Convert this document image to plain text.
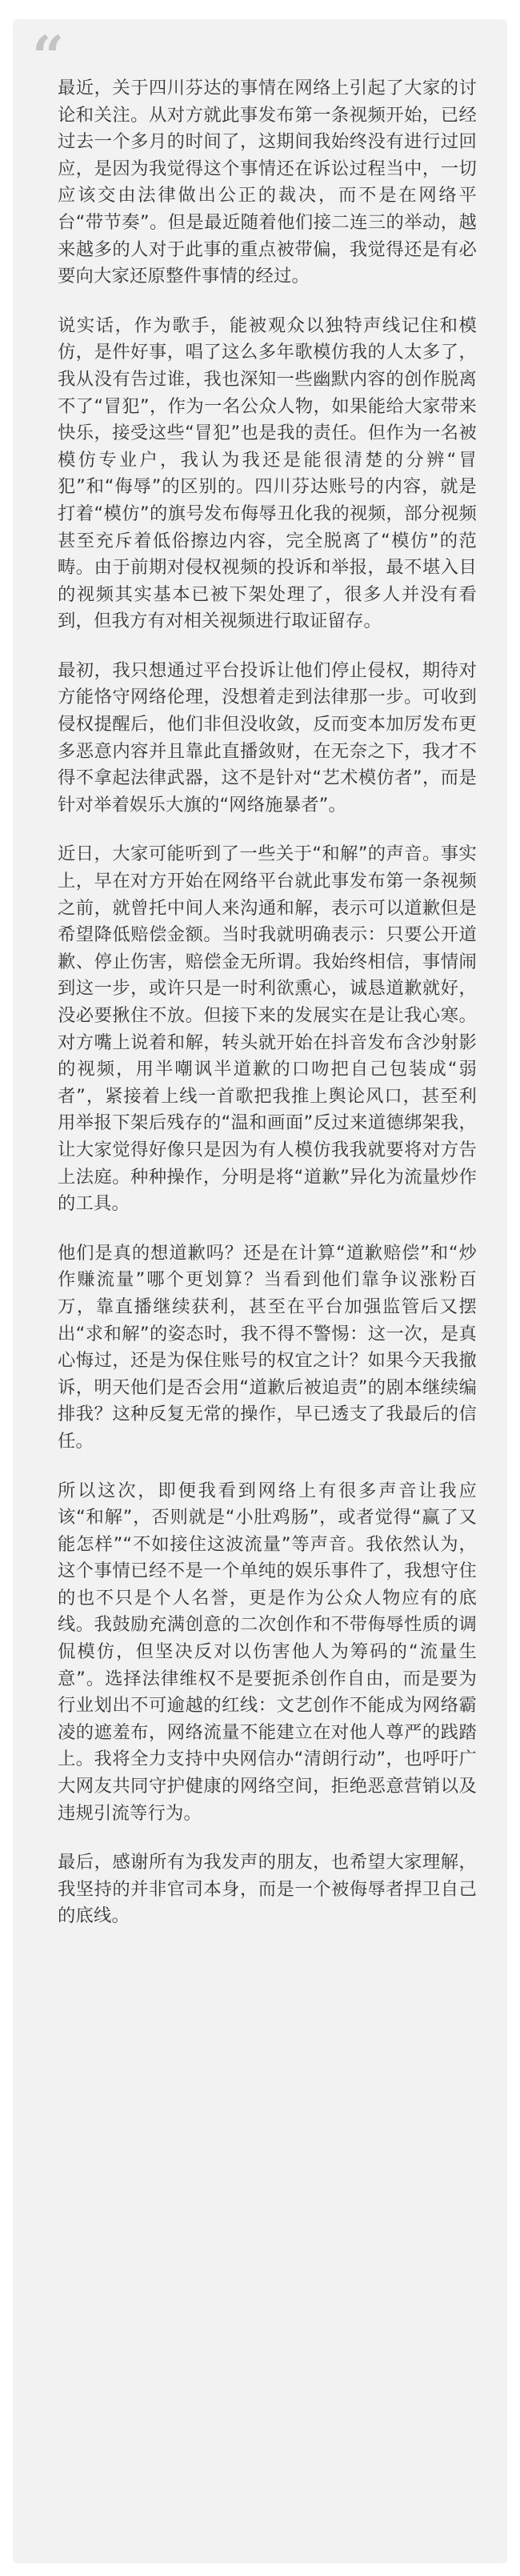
“

最近，关于四川芬达的事情在网络上引起了大家的讨论和关注。从对方就此事发布第一条视频开始，已经过去一个多月的时间了，这期间我始终没有进行过回应，是因为我觉得这个事情还在诉讼过程当中，一切应该交由法律做出公正的裁决，而不是在网络平台“带节奏”。但是最近随着他们接二连三的举动，越来越多的人对于此事的重点被带偏，我觉得还是有必要向大家还原整件事情的经过。

说实话，作为歌手，能被观众以独特声线记住和模仿，是件好事，唱了这么多年歌模仿我的人太多了，我从没有告过谁，我也深知一些幽默内容的创作脱离不了“冒犯”，作为一名公众人物，如果能给大家带来快乐，接受这些“冒犯”也是我的责任。但作为一名被模仿专业户，我认为我还是能很清楚的分辨“冒犯”和“侮辱”的区别的。四川芬达账号的内容，就是打着“模仿”的旗号发布侮辱丑化我的视频，部分视频甚至充斥着低俗擦边内容，完全脱离了“模仿”的范畴。由于前期对侵权视频的投诉和举报，最不堪入目的视频其实基本已被下架处理了，很多人并没有看到，但我方有对相关视频进行取证留存。

最初，我只想通过平台投诉让他们停止侵权，期待对方能恪守网络伦理，没想着走到法律那一步。可收到侵权提醒后，他们非但没收敛，反而变本加厉发布更多恶意内容并且靠此直播敛财，在无奈之下，我才不得不拿起法律武器，这不是针对“艺术模仿者”，而是针对举着娱乐大旗的“网络施暴者”。

近日，大家可能听到了一些关于“和解”的声音。事实上，早在对方开始在网络平台就此事发布第一条视频之前，就曾托中间人来沟通和解，表示可以道歉但是希望降低赔偿金额。当时我就明确表示：只要公开道歉、停止伤害，赔偿金无所谓。我始终相信，事情闹到这一步，或许只是一时利欲熏心，诚恳道歉就好，没必要揪住不放。但接下来的发展实在是让我心寒。对方嘴上说着和解，转头就开始在抖音发布含沙射影的视频，用半嘲讽半道歉的口吻把自己包装成“弱者”，紧接着上线一首歌把我推上舆论风口，甚至利用举报下架后残存的“温和画面”反过来道德绑架我，让大家觉得好像只是因为有人模仿我我就要将对方告上法庭。种种操作，分明是将“道歉”异化为流量炒作的工具。

他们是真的想道歉吗？还是在计算“道歉赔偿”和“炒作赚流量”哪个更划算？当看到他们靠争议涨粉百万，靠直播继续获利，甚至在平台加强监管后又摆出“求和解”的姿态时，我不得不警惕：这一次，是真心悔过，还是为保住账号的权宜之计？如果今天我撤诉，明天他们是否会用“道歉后被追责”的剧本继续编排我？这种反复无常的操作，早已透支了我最后的信任。

所以这次，即便我看到网络上有很多声音让我应该“和解”，否则就是“小肚鸡肠”，或者觉得“赢了又能怎样”“不如接住这波流量”等声音。我依然认为，这个事情已经不是一个单纯的娱乐事件了，我想守住的也不只是个人名誉，更是作为公众人物应有的底线。我鼓励充满创意的二次创作和不带侮辱性质的调侃模仿，但坚决反对以伤害他人为筹码的“流量生意”。选择法律维权不是要扼杀创作自由，而是要为行业划出不可逾越的红线：文艺创作不能成为网络霸凌的遮羞布，网络流量不能建立在对他人尊严的践踏上。我将全力支持中央网信办“清朗行动”，也呼吁广大网友共同守护健康的网络空间，拒绝恶意营销以及违规引流等行为。

最后，感谢所有为我发声的朋友，也希望大家理解，我坚持的并非官司本身，而是一个被侮辱者捍卫自己的底线。
